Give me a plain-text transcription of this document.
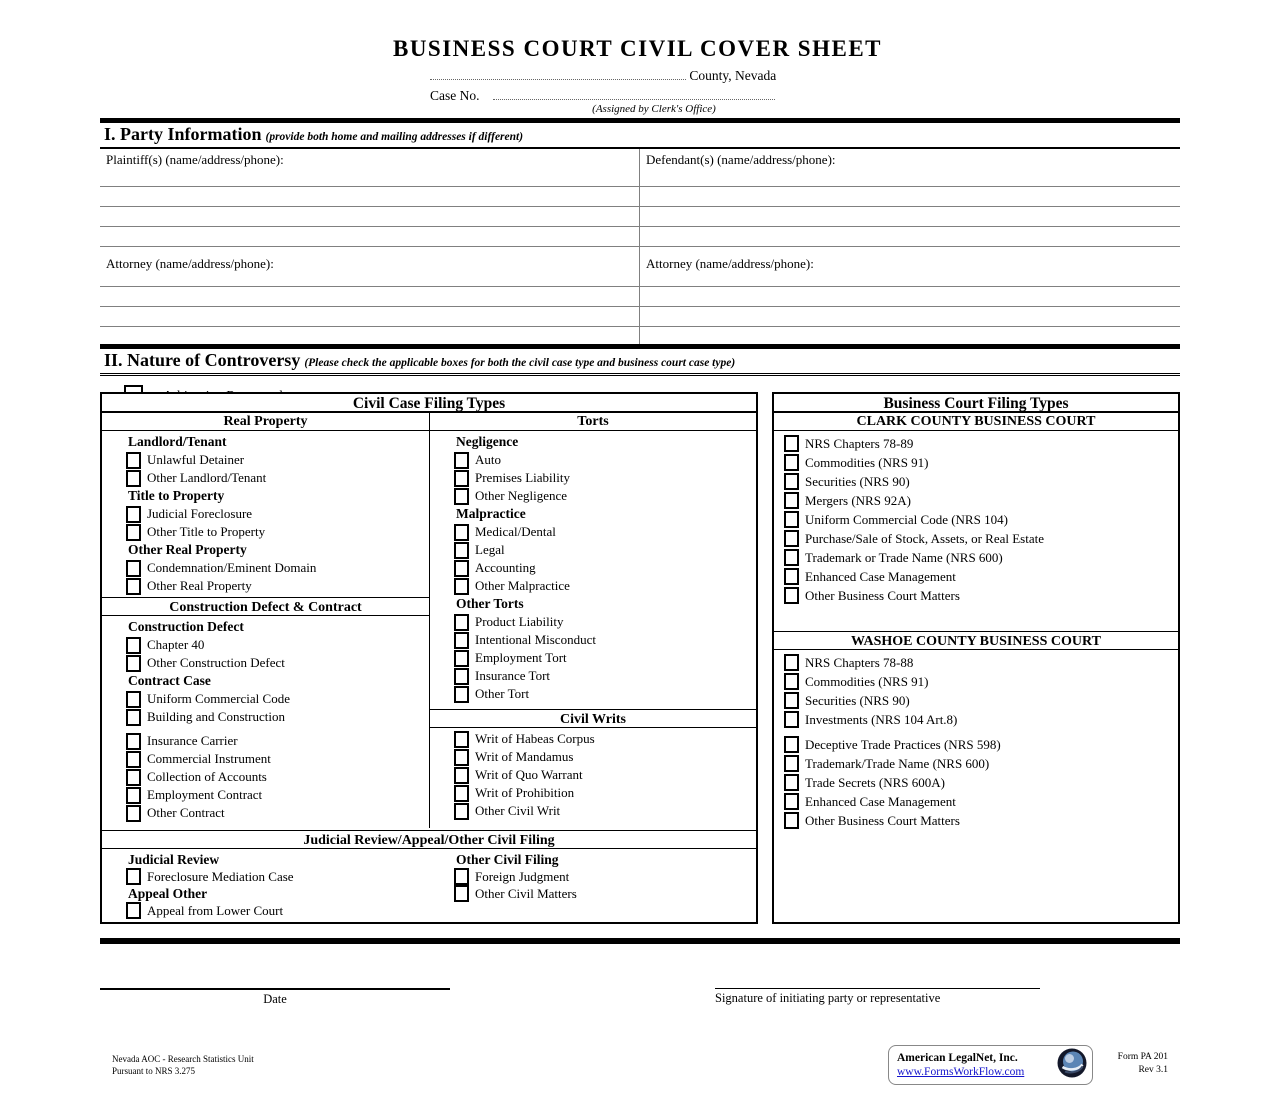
BUSINESS COURT CIVIL COVER SHEET
County, Nevada
Case No.
(Assigned by Clerk's Office)
I. Party Information (provide both home and mailing addresses if different)
Plaintiff(s) (name/address/phone):
Attorney (name/address/phone):
Defendant(s) (name/address/phone):
Attorney (name/address/phone):
II. Nature of Controversy (Please check the applicable boxes for both the civil case type and business court case type)
Civil Case Filing Types
Real Property
Landlord/Tenant
Unlawful Detainer
Other Landlord/Tenant
Title to Property
Judicial Foreclosure
Other Title to Property
Other Real Property
Condemnation/Eminent Domain
Other Real Property
Construction Defect & Contract
Construction Defect
Chapter 40
Other Construction Defect
Contract Case
Uniform Commercial Code
Building and Construction
Insurance Carrier
Commercial Instrument
Collection of Accounts
Employment Contract
Other Contract
Torts
Negligence
Auto
Premises Liability
Other Negligence
Malpractice
Medical/Dental
Legal
Accounting
Other Malpractice
Other Torts
Product Liability
Intentional Misconduct
Employment Tort
Insurance Tort
Other Tort
Civil Writs
Writ of Habeas Corpus
Writ of Mandamus
Writ of Quo Warrant
Writ of Prohibition
Other Civil Writ
Judicial Review/Appeal/Other Civil Filing
Judicial Review
Foreclosure Mediation Case
Appeal Other
Appeal from Lower Court
Other Civil Filing
Foreign Judgment
Other Civil Matters
Business Court Filing Types
CLARK COUNTY BUSINESS COURT
NRS Chapters 78-89
Commodities (NRS 91)
Securities (NRS 90)
Mergers (NRS 92A)
Uniform Commercial Code (NRS 104)
Purchase/Sale of Stock, Assets, or Real Estate
Trademark or Trade Name (NRS 600)
Enhanced Case Management
Other Business Court Matters
WASHOE COUNTY BUSINESS COURT
NRS Chapters 78-88
Commodities (NRS 91)
Securities (NRS 90)
Investments (NRS 104 Art.8)
Deceptive Trade Practices (NRS 598)
Trademark/Trade Name (NRS 600)
Trade Secrets (NRS 600A)
Enhanced Case Management
Other Business Court Matters
Date	Signature of initiating party or representative
Nevada AOC - Research Statistics Unit
Pursuant to NRS 3.275
American LegalNet, Inc.
www.FormsWorkFlow.com
Form PA 201
Rev 3.1
